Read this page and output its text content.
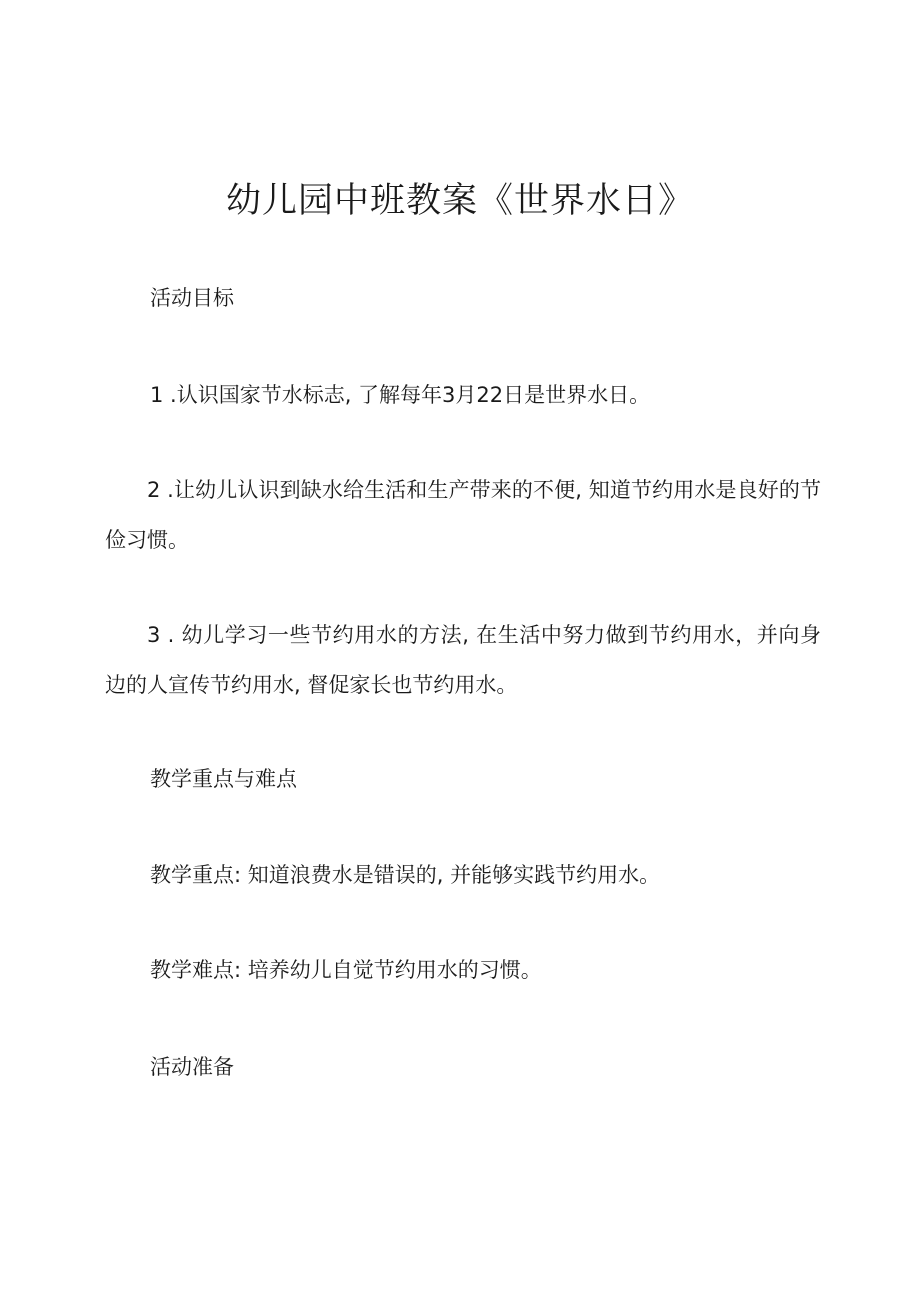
幼儿园中班教案《世界水日》

活动目标

1 .认识国家节水标志, 了解每年3月22日是世界水日。

2 .让幼儿认识到缺水给生活和生产带来的不便, 知道节约用水是良好的节俭习惯。

3 . 幼儿学习一些节约用水的方法, 在生活中努力做到节约用水，并向身边的人宣传节约用水, 督促家长也节约用水。

教学重点与难点

教学重点: 知道浪费水是错误的, 并能够实践节约用水。

教学难点: 培养幼儿自觉节约用水的习惯。

活动准备
